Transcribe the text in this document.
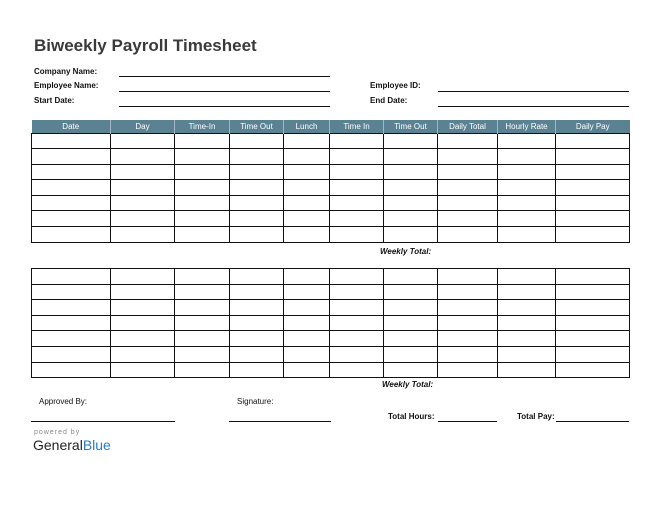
Biweekly Payroll Timesheet
Company Name:
Employee Name:
Start Date:
Employee ID:
End Date:
Date	Day	Time-In	Time Out	Lunch	Time In	Time Out	Daily Total	Hourly Rate	Daily Pay

Weekly Total:

Weekly Total:
Approved By:	Signature:
Total Hours:	Total Pay:
powered by
GeneralBlue
